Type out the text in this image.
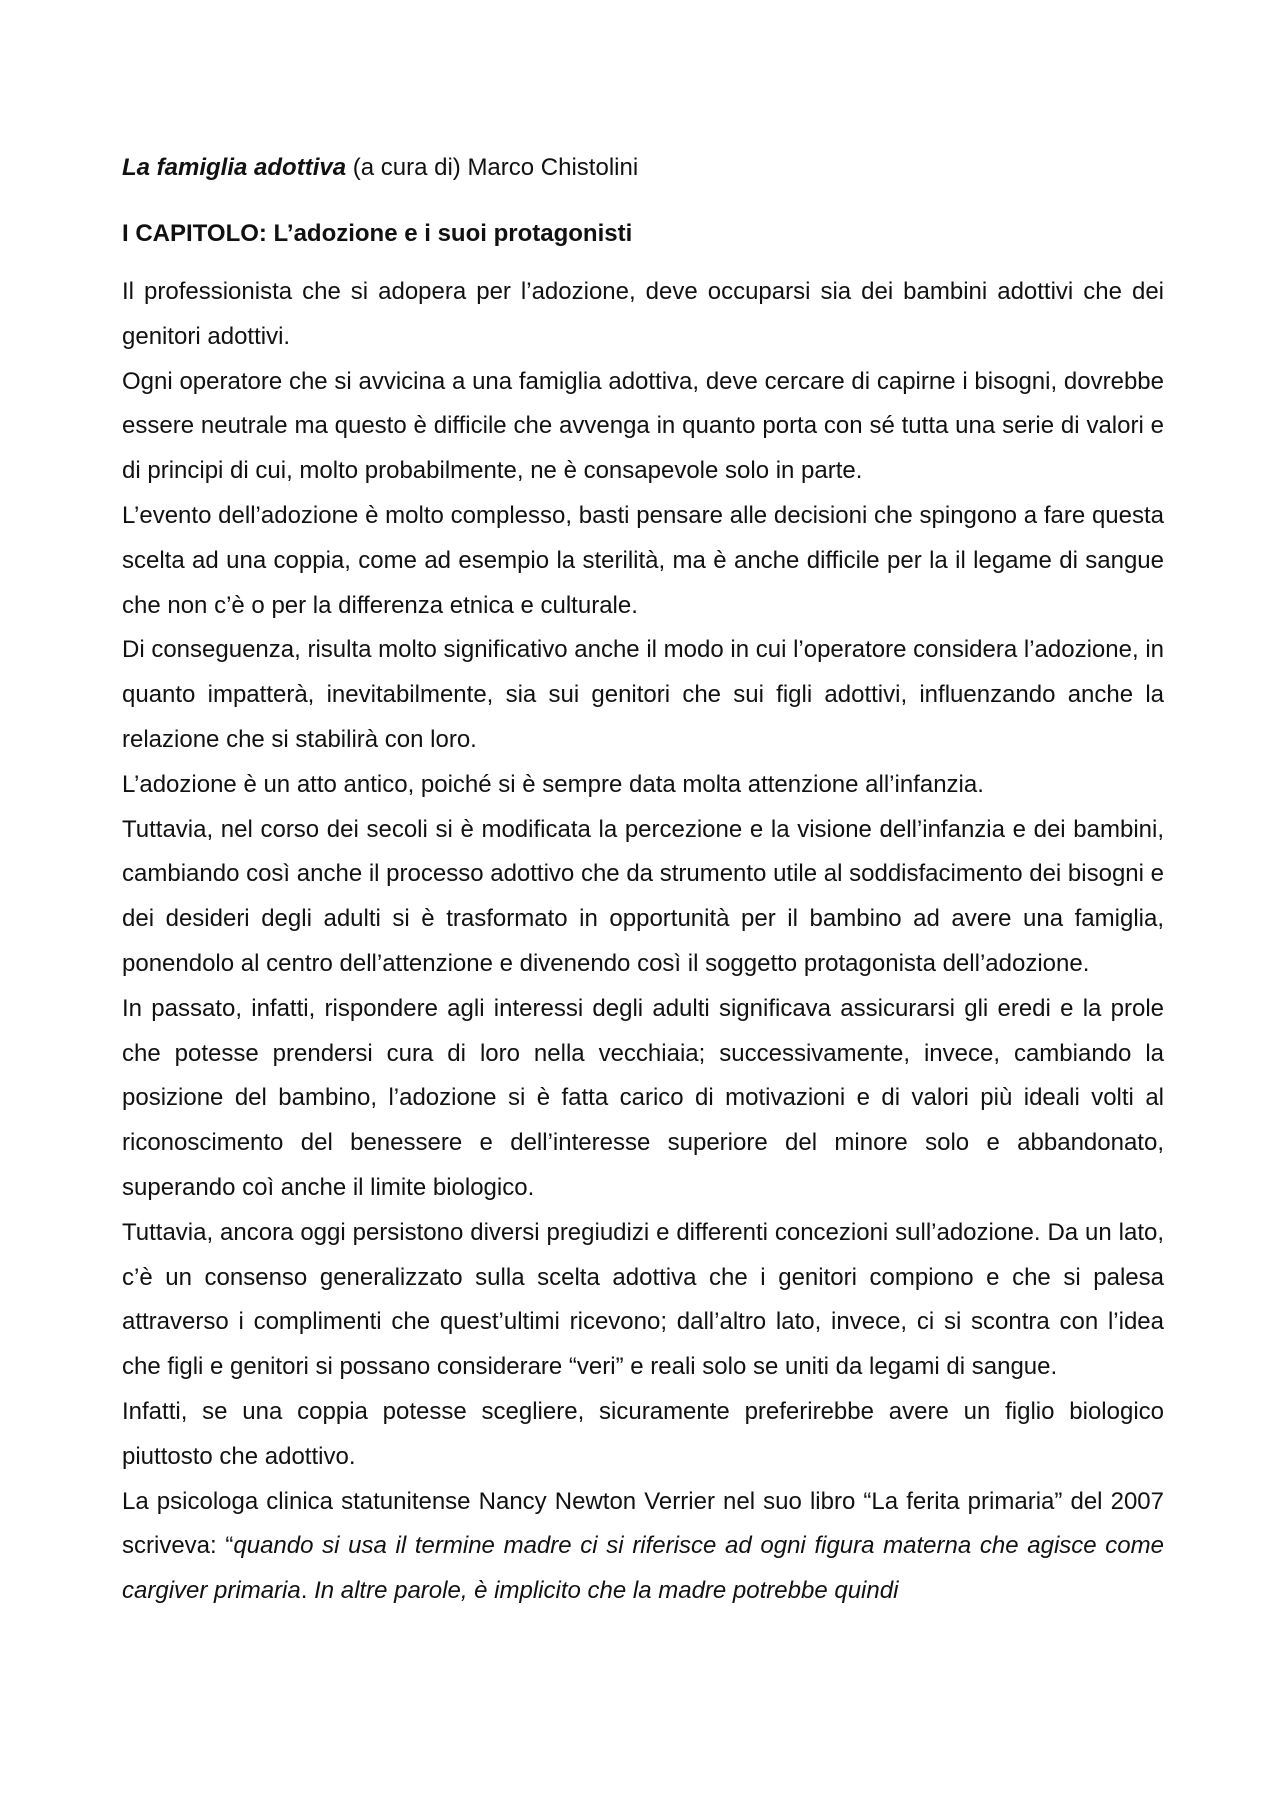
La famiglia adottiva (a cura di) Marco Chistolini
I CAPITOLO: L’adozione e i suoi protagonisti

Il professionista che si adopera per l’adozione, deve occuparsi sia dei bambini adottivi che dei genitori adottivi.

Ogni operatore che si avvicina a una famiglia adottiva, deve cercare di capirne i bisogni, dovrebbe essere neutrale ma questo è difficile che avvenga in quanto porta con sé tutta una serie di valori e di principi di cui, molto probabilmente, ne è consapevole solo in parte.

L’evento dell’adozione è molto complesso, basti pensare alle decisioni che spingono a fare questa scelta ad una coppia, come ad esempio la sterilità, ma è anche difficile per la il legame di sangue che non c’è o per la differenza etnica e culturale.

Di conseguenza, risulta molto significativo anche il modo in cui l’operatore considera l’adozione, in quanto impatterà, inevitabilmente, sia sui genitori che sui figli adottivi, influenzando anche la relazione che si stabilirà con loro.

L’adozione è un atto antico, poiché si è sempre data molta attenzione all’infanzia.

Tuttavia, nel corso dei secoli si è modificata la percezione e la visione dell’infanzia e dei bambini, cambiando così anche il processo adottivo che da strumento utile al soddisfacimento dei bisogni e dei desideri degli adulti si è trasformato in opportunità per il bambino ad avere una famiglia, ponendolo al centro dell’attenzione e divenendo così il soggetto protagonista dell’adozione.

In passato, infatti, rispondere agli interessi degli adulti significava assicurarsi gli eredi e la prole che potesse prendersi cura di loro nella vecchiaia; successivamente, invece, cambiando la posizione del bambino, l’adozione si è fatta carico di motivazioni e di valori più ideali volti al riconoscimento del benessere e dell’interesse superiore del minore solo e abbandonato, superando coì anche il limite biologico.

Tuttavia, ancora oggi persistono diversi pregiudizi e differenti concezioni sull’adozione. Da un lato, c’è un consenso generalizzato sulla scelta adottiva che i genitori compiono e che si palesa attraverso i complimenti che quest’ultimi ricevono; dall’altro lato, invece, ci si scontra con l’idea che figli e genitori si possano considerare “veri” e reali solo se uniti da legami di sangue.

Infatti, se una coppia potesse scegliere, sicuramente preferirebbe avere un figlio biologico piuttosto che adottivo.

La psicologa clinica statunitense Nancy Newton Verrier nel suo libro “La ferita primaria” del 2007 scriveva: “quando si usa il termine madre ci si riferisce ad ogni figura materna che agisce come cargiver primaria. In altre parole, è implicito che la madre potrebbe quindi
